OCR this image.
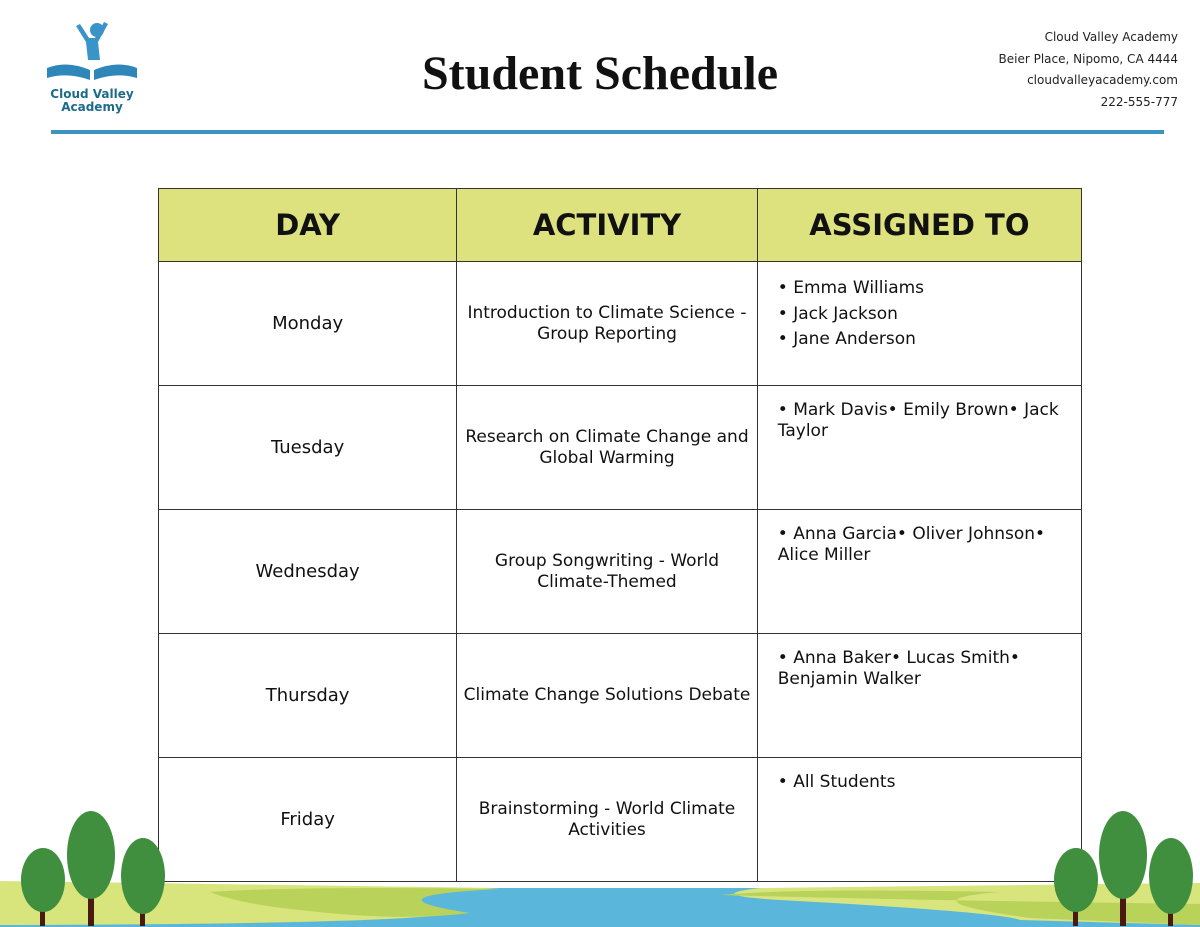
Cloud Valley
Academy
Student Schedule
Cloud Valley Academy
Beier Place, Nipomo, CA 4444
cloudvalleyacademy.com
222-555-777
DAY	ACTIVITY	ASSIGNED TO
Monday	Introduction to Climate Science - Group Reporting	• Emma Williams
• Jack Jackson
• Jane Anderson

Tuesday	Research on Climate Change and Global Warming	• Mark Davis• Emily Brown• Jack Taylor
Wednesday	Group Songwriting - World Climate-Themed	• Anna Garcia• Oliver Johnson• Alice Miller
Thursday	Climate Change Solutions Debate	• Anna Baker• Lucas Smith• Benjamin Walker
Friday	Brainstorming - World Climate Activities	• All Students
